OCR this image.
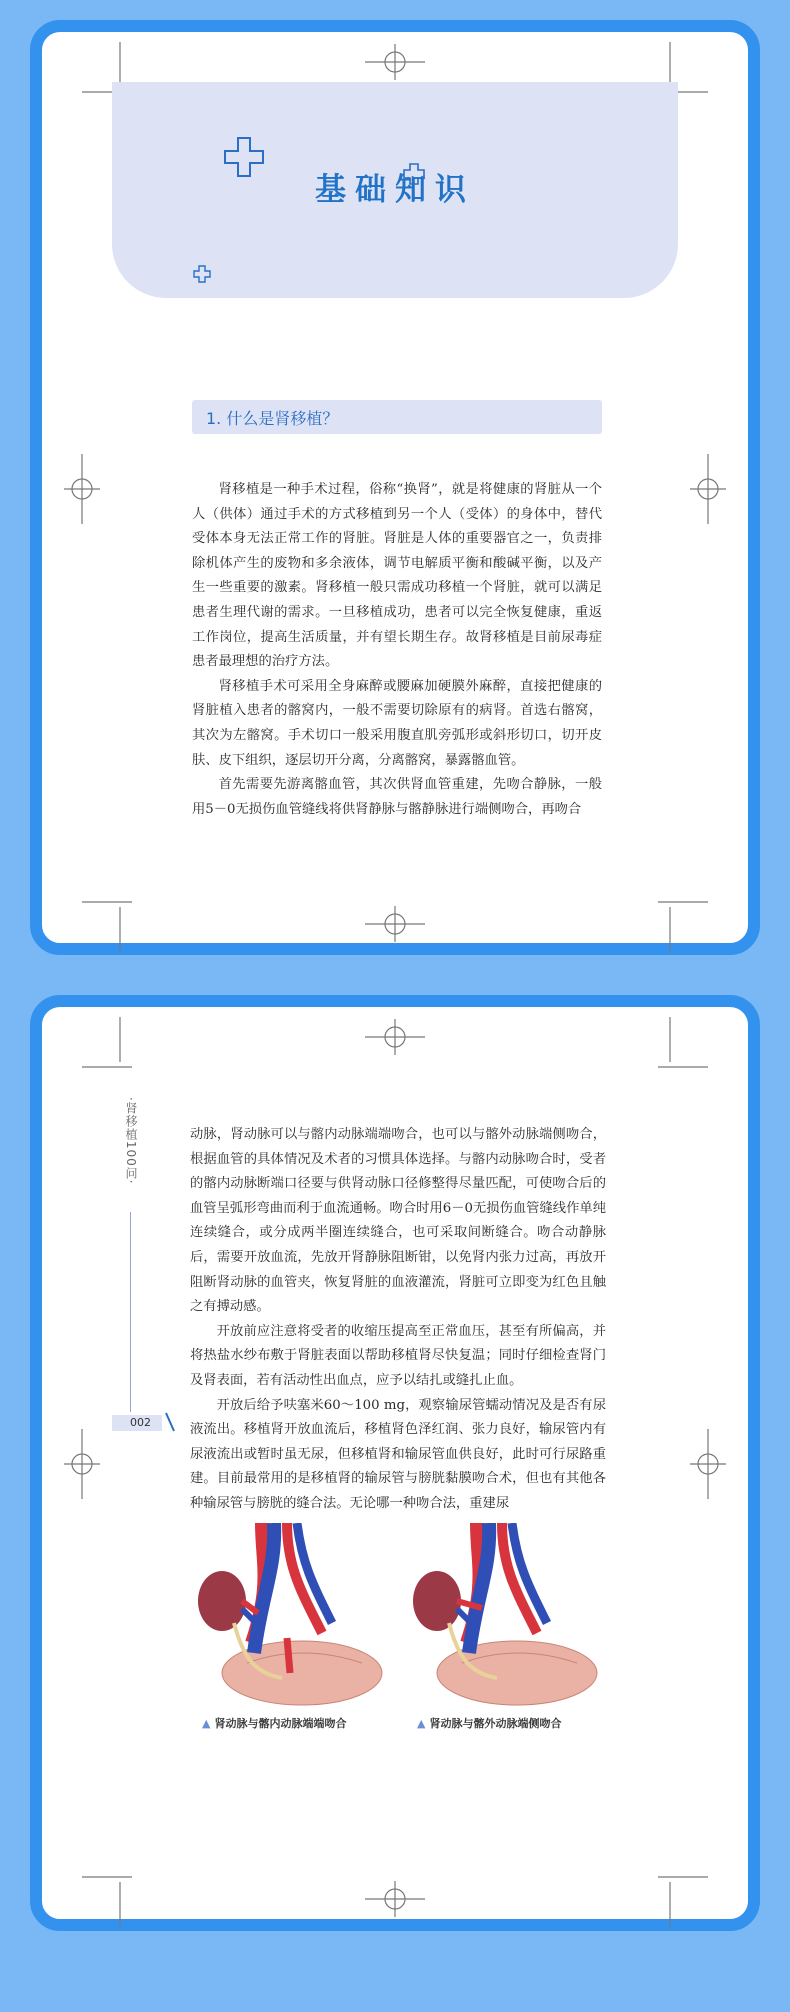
基础知识
1. 什么是肾移植？

肾移植是一种手术过程，俗称“换肾”，就是将健康的肾脏从一个人（供体）通过手术的方式移植到另一个人（受体）的身体中，替代受体本身无法正常工作的肾脏。肾脏是人体的重要器官之一，负责排除机体产生的废物和多余液体，调节电解质平衡和酸碱平衡，以及产生一些重要的激素。肾移植一般只需成功移植一个肾脏，就可以满足患者生理代谢的需求。一旦移植成功，患者可以完全恢复健康，重返工作岗位，提高生活质量，并有望长期生存。故肾移植是目前尿毒症患者最理想的治疗方法。

肾移植手术可采用全身麻醉或腰麻加硬膜外麻醉，直接把健康的肾脏植入患者的髂窝内，一般不需要切除原有的病肾。首选右髂窝，其次为左髂窝。手术切口一般采用腹直肌旁弧形或斜形切口，切开皮肤、皮下组织，逐层切开分离，分离髂窝，暴露髂血管。

首先需要先游离髂血管，其次供肾血管重建，先吻合静脉，一般用5－0无损伤血管缝线将供肾静脉与髂静脉进行端侧吻合，再吻合

·肾移植100问·
002

动脉，肾动脉可以与髂内动脉端端吻合，也可以与髂外动脉端侧吻合，根据血管的具体情况及术者的习惯具体选择。与髂内动脉吻合时，受者的髂内动脉断端口径要与供肾动脉口径修整得尽量匹配，可使吻合后的血管呈弧形弯曲而利于血流通畅。吻合时用6－0无损伤血管缝线作单纯连续缝合，或分成两半圈连续缝合，也可采取间断缝合。吻合动静脉后，需要开放血流，先放开肾静脉阻断钳，以免肾内张力过高，再放开阻断肾动脉的血管夹，恢复肾脏的血液灌流，肾脏可立即变为红色且触之有搏动感。

开放前应注意将受者的收缩压提高至正常血压，甚至有所偏高，并将热盐水纱布敷于肾脏表面以帮助移植肾尽快复温；同时仔细检查肾门及肾表面，若有活动性出血点，应予以结扎或缝扎止血。

开放后给予呋塞米60～100 mg，观察输尿管蠕动情况及是否有尿液流出。移植肾开放血流后，移植肾色泽红润、张力良好，输尿管内有尿液流出或暂时虽无尿，但移植肾和输尿管血供良好，此时可行尿路重建。目前最常用的是移植肾的输尿管与膀胱黏膜吻合术，但也有其他各种输尿管与膀胱的缝合法。无论哪一种吻合法，重建尿

▲ 肾动脉与髂内动脉端端吻合	▲ 肾动脉与髂外动脉端侧吻合
